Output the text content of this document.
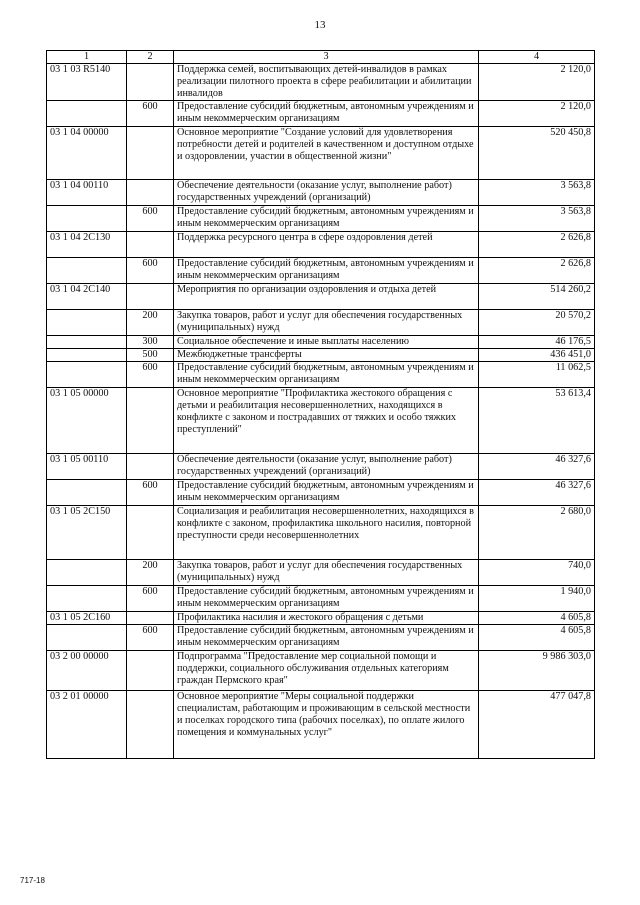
13
1	2	3	4
03 1 03 R5140		Поддержка семей, воспитывающих детей-инвалидов в рамках реализации пилотного проекта в сфере реабилитации и абилитации инвалидов	2 120,0
	600	Предоставление субсидий бюджетным, автономным учреждениям и иным некоммерческим организациям	2 120,0
03 1 04 00000		Основное мероприятие "Создание условий для удовлетворения потребности детей и родителей в качественном и доступном отдыхе и оздоровлении, участии в общественной жизни"	520 450,8
03 1 04 00110		Обеспечение деятельности (оказание услуг, выполнение работ) государственных учреждений (организаций)	3 563,8
	600	Предоставление субсидий бюджетным, автономным учреждениям и иным некоммерческим организациям	3 563,8
03 1 04 2С130		Поддержка ресурсного центра в сфере оздоровления детей	2 626,8
	600	Предоставление субсидий бюджетным, автономным учреждениям и иным некоммерческим организациям	2 626,8
03 1 04 2С140		Мероприятия по организации оздоровления и отдыха детей	514 260,2
	200	Закупка товаров, работ и услуг для обеспечения государственных (муниципальных) нужд	20 570,2
	300	Социальное обеспечение и иные выплаты населению	46 176,5
	500	Межбюджетные трансферты	436 451,0
	600	Предоставление субсидий бюджетным, автономным учреждениям и иным некоммерческим организациям	11 062,5
03 1 05 00000		Основное мероприятие "Профилактика жестокого обращения с детьми и реабилитация несовершеннолетних, находящихся в конфликте с законом и пострадавших от тяжких и особо тяжких преступлений"	53 613,4
03 1 05 00110		Обеспечение деятельности (оказание услуг, выполнение работ) государственных учреждений (организаций)	46 327,6
	600	Предоставление субсидий бюджетным, автономным учреждениям и иным некоммерческим организациям	46 327,6
03 1 05 2С150		Социализация и реабилитация несовершеннолетних, находящихся в конфликте с законом, профилактика школьного насилия, повторной преступности среди несовершеннолетних	2 680,0
	200	Закупка товаров, работ и услуг для обеспечения государственных (муниципальных) нужд	740,0
	600	Предоставление субсидий бюджетным, автономным учреждениям и иным некоммерческим организациям	1 940,0
03 1 05 2С160		Профилактика насилия и жестокого обращения с детьми	4 605,8
	600	Предоставление субсидий бюджетным, автономным учреждениям и иным некоммерческим организациям	4 605,8
03 2 00 00000		Подпрограмма "Предоставление мер социальной помощи и поддержки, социального обслуживания отдельных категориям граждан Пермского края"	9 986 303,0
03 2 01 00000		Основное мероприятие "Меры социальной поддержки специалистам, работающим и проживающим в сельской местности и поселках городского типа (рабочих поселках), по оплате жилого помещения и коммунальных услуг"	477 047,8
717-18
